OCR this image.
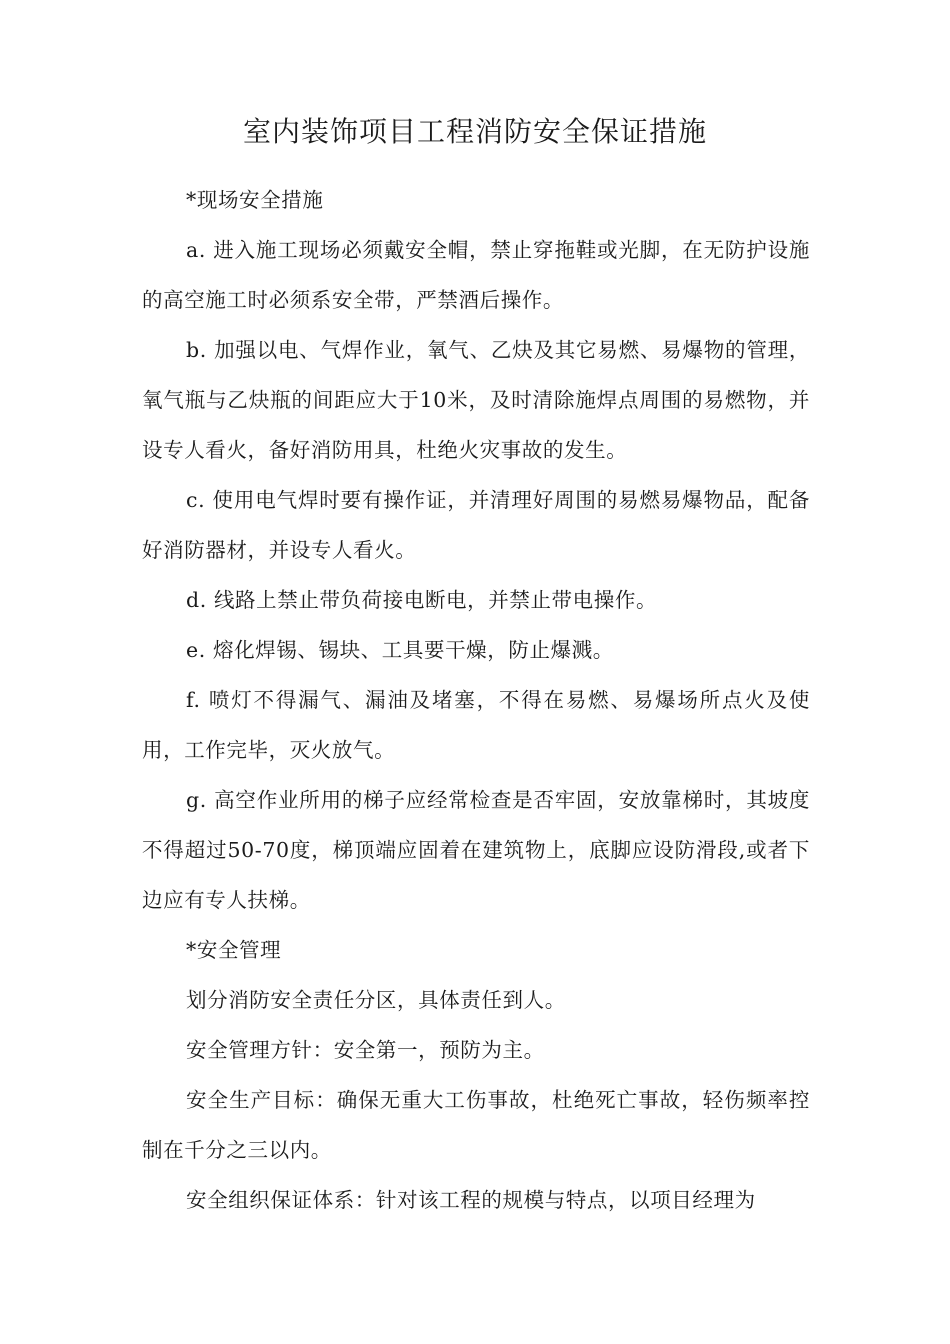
室内装饰项目工程消防安全保证措施

*现场安全措施

a. 进入施工现场必须戴安全帽，禁止穿拖鞋或光脚，在无防护设施的高空施工时必须系安全带，严禁酒后操作。

b. 加强以电、气焊作业，氧气、乙炔及其它易燃、易爆物的管理，氧气瓶与乙炔瓶的间距应大于10米，及时清除施焊点周围的易燃物，并设专人看火，备好消防用具，杜绝火灾事故的发生。

c. 使用电气焊时要有操作证，并清理好周围的易燃易爆物品，配备好消防器材，并设专人看火。

d. 线路上禁止带负荷接电断电，并禁止带电操作。

e. 熔化焊锡、锡块、工具要干燥，防止爆溅。

f. 喷灯不得漏气、漏油及堵塞，不得在易燃、易爆场所点火及使用，工作完毕，灭火放气。

g. 高空作业所用的梯子应经常检查是否牢固，安放靠梯时，其坡度不得超过50-70度，梯顶端应固着在建筑物上，底脚应设防滑段,或者下边应有专人扶梯。

*安全管理

划分消防安全责任分区，具体责任到人。

安全管理方针：安全第一，预防为主。

安全生产目标：确保无重大工伤事故，杜绝死亡事故，轻伤频率控制在千分之三以内。

安全组织保证体系：针对该工程的规模与特点，以项目经理为
